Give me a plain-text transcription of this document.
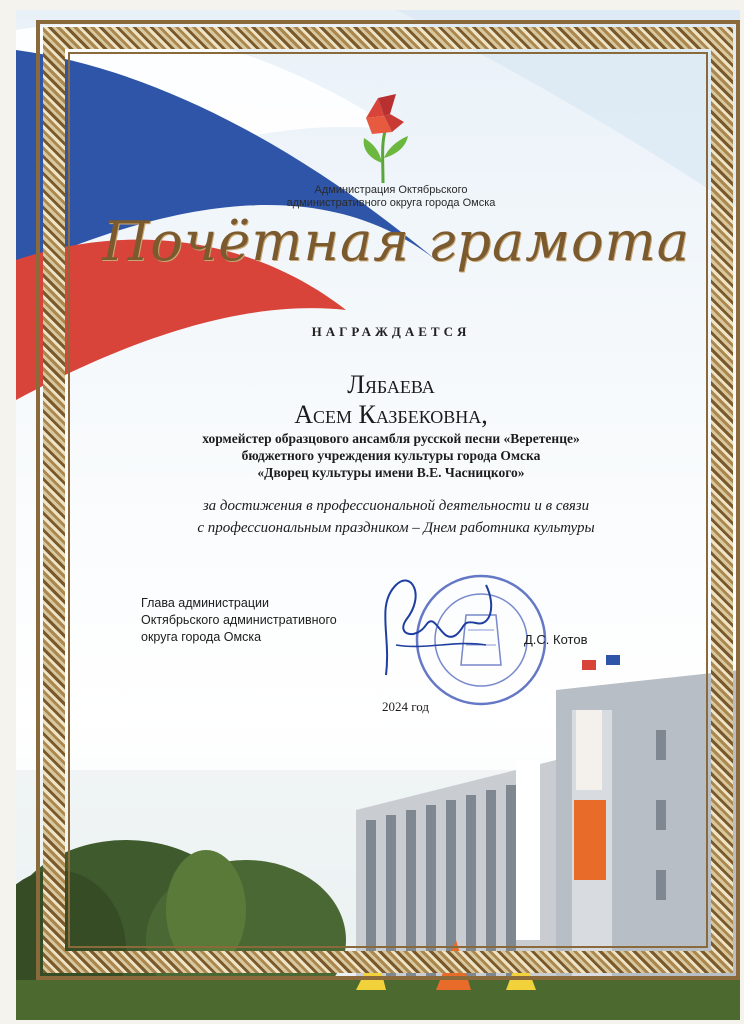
Администрация Октябрьского
административного округа города Омска
Почётная грамота
НАГРАЖДАЕТСЯ
Лябаева
Асем Казбековна,
хормейстер образцового ансамбля русской песни «Веретенце»
бюджетного учреждения культуры города Омска
«Дворец культуры имени В.Е. Часницкого»
за достижения в профессиональной деятельности и в связи
с профессиональным праздником – Днем работника культуры
Глава администрации
Октябрьского административного
округа города Омска	Д.С. Котов
2024 год
